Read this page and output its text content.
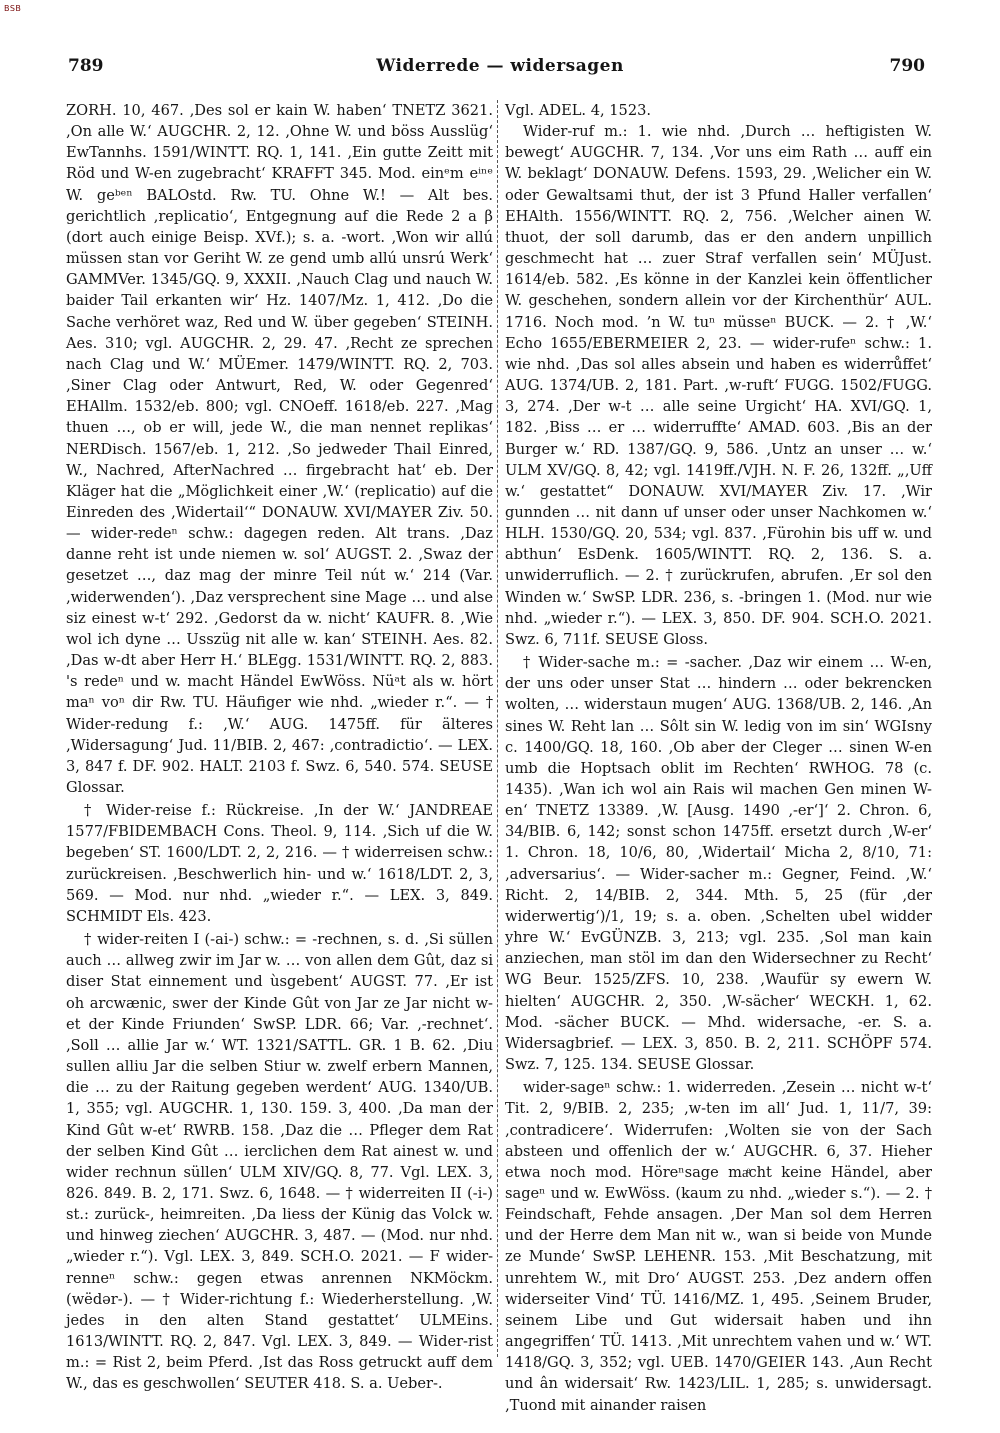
BSB
789	Widerrede — widersagen	790

ZORH. 10, 467. ‚Des sol er kain W. haben‘ TNETZ 3621. ‚On alle W.‘ AUGCHR. 2, 12. ‚Ohne W. und böss Ausslüg‘ EwTannhs. 1591/WINTT. RQ. 1, 141. ‚Ein gutte Zeitt mit Röd und W-en zugebracht‘ KRAFFT 345. Mod. einᵉm eⁱⁿᵉ W. geᵇᵉⁿ BALOstd. Rw. TU. Ohne W.! — Alt bes. gerichtlich ‚replicatio‘, Entgegnung auf die Rede 2 a β (dort auch einige Beisp. XVf.); s. a. -wort. ‚Won wir allú müssen stan vor Geriht W. ze gend umb allú unsrú Werk‘ GAMMVer. 1345/GQ. 9, XXXII. ‚Nauch Clag und nauch W. baider Tail erkanten wir‘ Hz. 1407/Mz. 1, 412. ‚Do die Sache verhöret waz, Red und W. über gegeben‘ STEINH. Aes. 310; vgl. AUGCHR. 2, 29. 47. ‚Recht ze sprechen nach Clag und W.‘ MÜEmer. 1479/WINTT. RQ. 2, 703. ‚Siner Clag oder Antwurt, Red, W. oder Gegenred‘ EHAllm. 1532/eb. 800; vgl. CNOeff. 1618/eb. 227. ‚Mag thuen …, ob er will, jede W., die man nennet replikas‘ NERDisch. 1567/eb. 1, 212. ‚So jedweder Thail Einred, W., Nachred, AfterNachred … firgebracht hat‘ eb. Der Kläger hat die „Möglichkeit einer ‚W.‘ (replicatio) auf die Einreden des ‚Widertail‘“ DONAUW. XVI/MAYER Ziv. 50. — wider-redeⁿ schw.: dagegen reden. Alt trans. ‚Daz danne reht ist unde niemen w. sol‘ AUGST. 2. ‚Swaz der gesetzet …, daz mag der minre Teil nút w.‘ 214 (Var. ‚widerwenden‘). ‚Daz versprechent sine Mage … und alse siz einest w-t‘ 292. ‚Gedorst da w. nicht‘ KAUFR. 8. ‚Wie wol ich dyne … Usszüg nit alle w. kan‘ STEINH. Aes. 82. ‚Das w-dt aber Herr H.‘ BLEgg. 1531/WINTT. RQ. 2, 883. 's redeⁿ und w. macht Händel EwWöss. Nüᵃt als w. hört maⁿ voⁿ dir Rw. TU. Häufiger wie nhd. „wieder r.“. — † Wider-redung f.: ‚W.‘ AUG. 1475ff. für älteres ‚Widersagung‘ Jud. 11/BIB. 2, 467: ‚contradictio‘. — LEX. 3, 847 f. DF. 902. HALT. 2103 f. Swz. 6, 540. 574. SEUSE Glossar.

† Wider-reise f.: Rückreise. ‚In der W.‘ JANDREAE 1577/FBIDEMBACH Cons. Theol. 9, 114. ‚Sich uf die W. begeben‘ ST. 1600/LDT. 2, 2, 216. — † widerreisen schw.: zurückreisen. ‚Beschwerlich hin- und w.‘ 1618/LDT. 2, 3, 569. — Mod. nur nhd. „wieder r.“. — LEX. 3, 849. SCHMIDT Els. 423.

† wider-reiten I (-ai-) schw.: = -rechnen, s. d. ‚Si süllen auch … allweg zwir im Jar w. … von allen dem Gût, daz si diser Stat einnement und ùsgebent‘ AUGST. 77. ‚Er ist oh arcwænic, swer der Kinde Gût von Jar ze Jar nicht w-et der Kinde Friunden‘ SwSP. LDR. 66; Var. ‚-rechnet‘. ‚Soll … allie Jar w.‘ WT. 1321/SATTL. GR. 1 B. 62. ‚Diu sullen alliu Jar die selben Stiur w. zwelf erbern Mannen, die … zu der Raitung gegeben werdent‘ AUG. 1340/UB. 1, 355; vgl. AUGCHR. 1, 130. 159. 3, 400. ‚Da man der Kind Gût w-et‘ RWRB. 158. ‚Daz die … Pfleger dem Rat der selben Kind Gût … ierclichen dem Rat ainest w. und wider rechnun süllen‘ ULM XIV/GQ. 8, 77. Vgl. LEX. 3, 826. 849. B. 2, 171. Swz. 6, 1648. — † widerreiten II (-i-) st.: zurück-, heimreiten. ‚Da liess der Künig das Volck w. und hinweg ziechen‘ AUGCHR. 3, 487. — (Mod. nur nhd. „wieder r.“). Vgl. LEX. 3, 849. SCH.O. 2021. — F wider-renneⁿ schw.: gegen etwas anrennen NKMöckm. (wëdər-). — † Wider-richtung f.: Wiederherstellung. ‚W. jedes in den alten Stand gestattet‘ ULMEins. 1613/WINTT. RQ. 2, 847. Vgl. LEX. 3, 849. — Wider-rist m.: = Rist 2, beim Pferd. ‚Ist das Ross getruckt auff dem W., das es geschwollen‘ SEUTER 418. S. a. Ueber-.

Vgl. ADEL. 4, 1523.

Wider-ruf m.: 1. wie nhd. ‚Durch … heftigisten W. bewegt‘ AUGCHR. 7, 134. ‚Vor uns eim Rath … auff ein W. beklagt‘ DONAUW. Defens. 1593, 29. ‚Welicher ein W. oder Gewaltsami thut, der ist 3 Pfund Haller verfallen‘ EHAlth. 1556/WINTT. RQ. 2, 756. ‚Welcher ainen W. thuot, der soll darumb, das er den andern unpillich geschmecht hat … zuer Straf verfallen sein‘ MÜJust. 1614/eb. 582. ‚Es könne in der Kanzlei kein öffentlicher W. geschehen, sondern allein vor der Kirchenthür‘ AUL. 1716. Noch mod. ’n W. tuⁿ müsseⁿ BUCK. — 2. † ‚W.‘ Echo 1655/EBERMEIER 2, 23. — wider-rufeⁿ schw.: 1. wie nhd. ‚Das sol alles absein und haben es widerrůffet‘ AUG. 1374/UB. 2, 181. Part. ‚w-ruft‘ FUGG. 1502/FUGG. 3, 274. ‚Der w-t … alle seine Urgicht‘ HA. XVI/GQ. 1, 182. ‚Biss … er … widerruffte‘ AMAD. 603. ‚Bis an der Burger w.‘ RD. 1387/GQ. 9, 586. ‚Untz an unser … w.‘ ULM XV/GQ. 8, 42; vgl. 1419ff./VJH. N. F. 26, 132ff. „‚Uff w.‘ gestattet“ DONAUW. XVI/MAYER Ziv. 17. ‚Wir gunnden … nit dann uf unser oder unser Nachkomen w.‘ HLH. 1530/GQ. 20, 534; vgl. 837. ‚Fürohin bis uff w. und abthun‘ EsDenk. 1605/WINTT. RQ. 2, 136. S. a. unwiderruflich. — 2. † zurückrufen, abrufen. ‚Er sol den Winden w.‘ SwSP. LDR. 236, s. -bringen 1. (Mod. nur wie nhd. „wieder r.“). — LEX. 3, 850. DF. 904. SCH.O. 2021. Swz. 6, 711f. SEUSE Gloss.

† Wider-sache m.: = -sacher. ‚Daz wir einem … W-en, der uns oder unser Stat … hindern … oder bekrencken wolten, … widerstaun mugen‘ AUG. 1368/UB. 2, 146. ‚An sines W. Reht lan … Sôlt sin W. ledig von im sin‘ WGIsny c. 1400/GQ. 18, 160. ‚Ob aber der Cleger … sinen W-en umb die Hoptsach oblit im Rechten‘ RWHOG. 78 (c. 1435). ‚Wan ich wol ain Rais wil machen Gen minen W-en‘ TNETZ 13389. ‚W. [Ausg. 1490 ‚-er‘]‘ 2. Chron. 6, 34/BIB. 6, 142; sonst schon 1475ff. ersetzt durch ‚W-er‘ 1. Chron. 18, 10/6, 80, ‚Widertail‘ Micha 2, 8/10, 71: ‚adversarius‘. — Wider-sacher m.: Gegner, Feind. ‚W.‘ Richt. 2, 14/BIB. 2, 344. Mth. 5, 25 (für ‚der widerwertig‘)/1, 19; s. a. oben. ‚Schelten ubel widder yhre W.‘ EvGÜNZB. 3, 213; vgl. 235. ‚Sol man kain anziechen, man stöl im dan den Widersechner zu Recht‘ WG Beur. 1525/ZFS. 10, 238. ‚Waufür sy ewern W. hielten‘ AUGCHR. 2, 350. ‚W-sächer‘ WECKH. 1, 62. Mod. -sächer BUCK. — Mhd. widersache, -er. S. a. Widersagbrief. — LEX. 3, 850. B. 2, 211. SCHÖPF 574. Swz. 7, 125. 134. SEUSE Glossar.

wider-sageⁿ schw.: 1. widerreden. ‚Zesein … nicht w-t‘ Tit. 2, 9/BIB. 2, 235; ‚w-ten im all‘ Jud. 1, 11/7, 39: ‚contradicere‘. Widerrufen: ‚Wolten sie von der Sach absteen und offenlich der w.‘ AUGCHR. 6, 37. Hieher etwa noch mod. Höreⁿsage maͤcht keine Händel, aber sageⁿ und w. EwWöss. (kaum zu nhd. „wieder s.“). — 2. † Feindschaft, Fehde ansagen. ‚Der Man sol dem Herren und der Herre dem Man nit w., wan si beide von Munde ze Munde‘ SwSP. LEHENR. 153. ‚Mit Beschatzung, mit unrehtem W., mit Dro‘ AUGST. 253. ‚Dez andern offen widerseiter Vind‘ TÜ. 1416/MZ. 1, 495. ‚Seinem Bruder, seinem Libe und Gut widersait haben und ihn angegriffen‘ TÜ. 1413. ‚Mit unrechtem vahen und w.‘ WT. 1418/GQ. 3, 352; vgl. UEB. 1470/GEIER 143. ‚Aun Recht und ân widersait‘ Rw. 1423/LIL. 1, 285; s. unwidersagt. ‚Tuond mit ainander raisen
